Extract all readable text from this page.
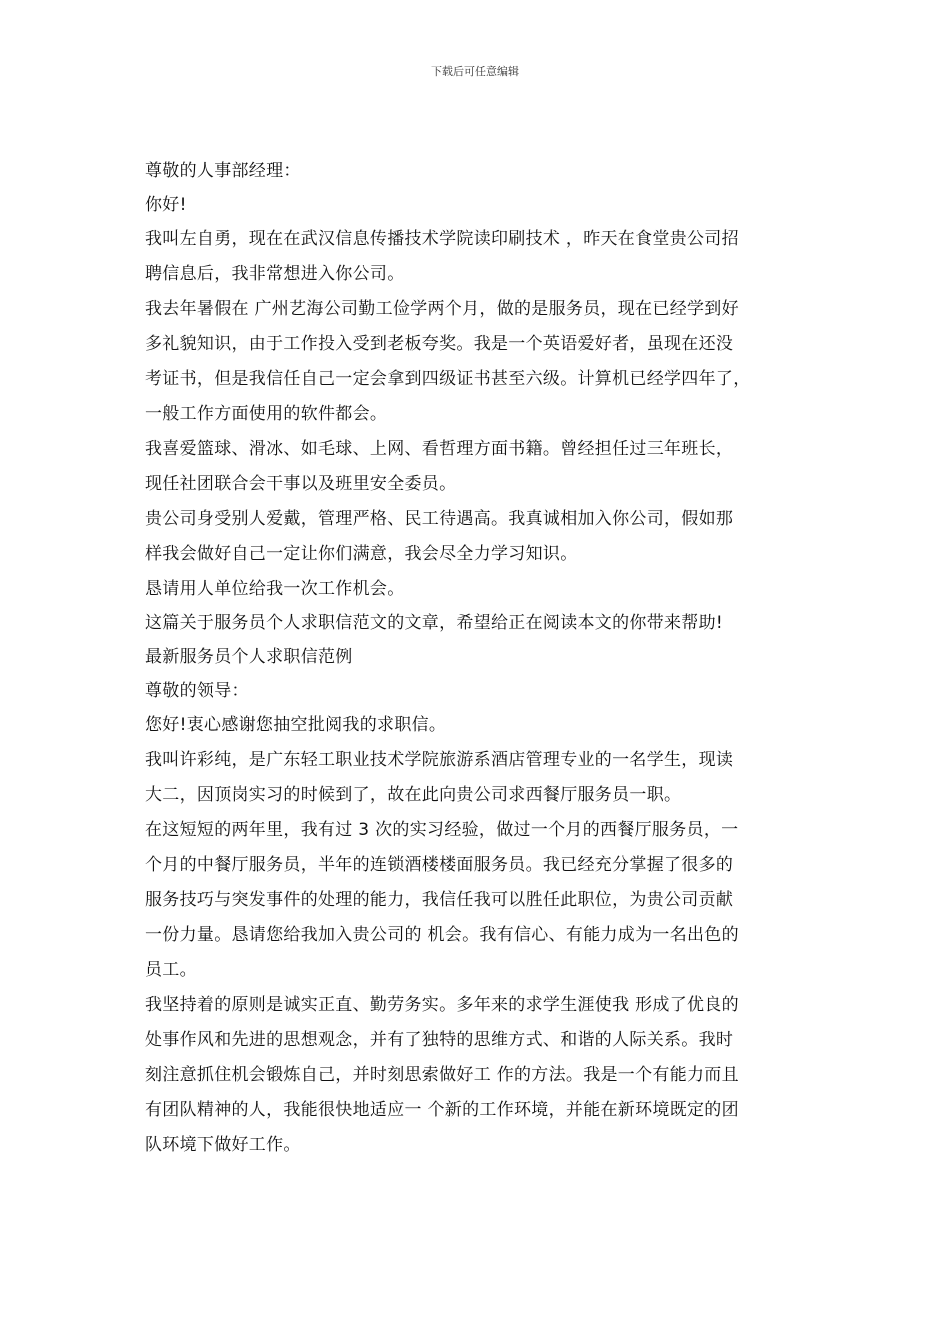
下载后可任意编辑
尊敬的人事部经理：
你好!
我叫左自勇，现在在武汉信息传播技术学院读印刷技术 ，昨天在食堂贵公司招
聘信息后，我非常想进入你公司。
我去年暑假在 广州艺海公司勤工俭学两个月，做的是服务员，现在已经学到好
多礼貌知识，由于工作投入受到老板夸奖。我是一个英语爱好者，虽现在还没
考证书，但是我信任自己一定会拿到四级证书甚至六级。计算机已经学四年了，
一般工作方面使用的软件都会。
我喜爱篮球、滑冰、如毛球、上网、看哲理方面书籍。曾经担任过三年班长，
现任社团联合会干事以及班里安全委员。
贵公司身受别人爱戴，管理严格、民工待遇高。我真诚相加入你公司，假如那
样我会做好自己一定让你们满意，我会尽全力学习知识。
恳请用人单位给我一次工作机会。
这篇关于服务员个人求职信范文的文章，希望给正在阅读本文的你带来帮助!
最新服务员个人求职信范例
尊敬的领导：
您好!衷心感谢您抽空批阅我的求职信。
我叫许彩纯，是广东轻工职业技术学院旅游系酒店管理专业的一名学生，现读
大二，因顶岗实习的时候到了，故在此向贵公司求西餐厅服务员一职。
在这短短的两年里，我有过 3 次的实习经验，做过一个月的西餐厅服务员，一
个月的中餐厅服务员，半年的连锁酒楼楼面服务员。我已经充分掌握了很多的
服务技巧与突发事件的处理的能力，我信任我可以胜任此职位，为贵公司贡献
一份力量。恳请您给我加入贵公司的 机会。我有信心、有能力成为一名出色的
员工。
我坚持着的原则是诚实正直、勤劳务实。多年来的求学生涯使我 形成了优良的
处事作风和先进的思想观念，并有了独特的思维方式、和谐的人际关系。我时
刻注意抓住机会锻炼自己，并时刻思索做好工 作的方法。我是一个有能力而且
有团队精神的人，我能很快地适应一 个新的工作环境，并能在新环境既定的团
队环境下做好工作。
